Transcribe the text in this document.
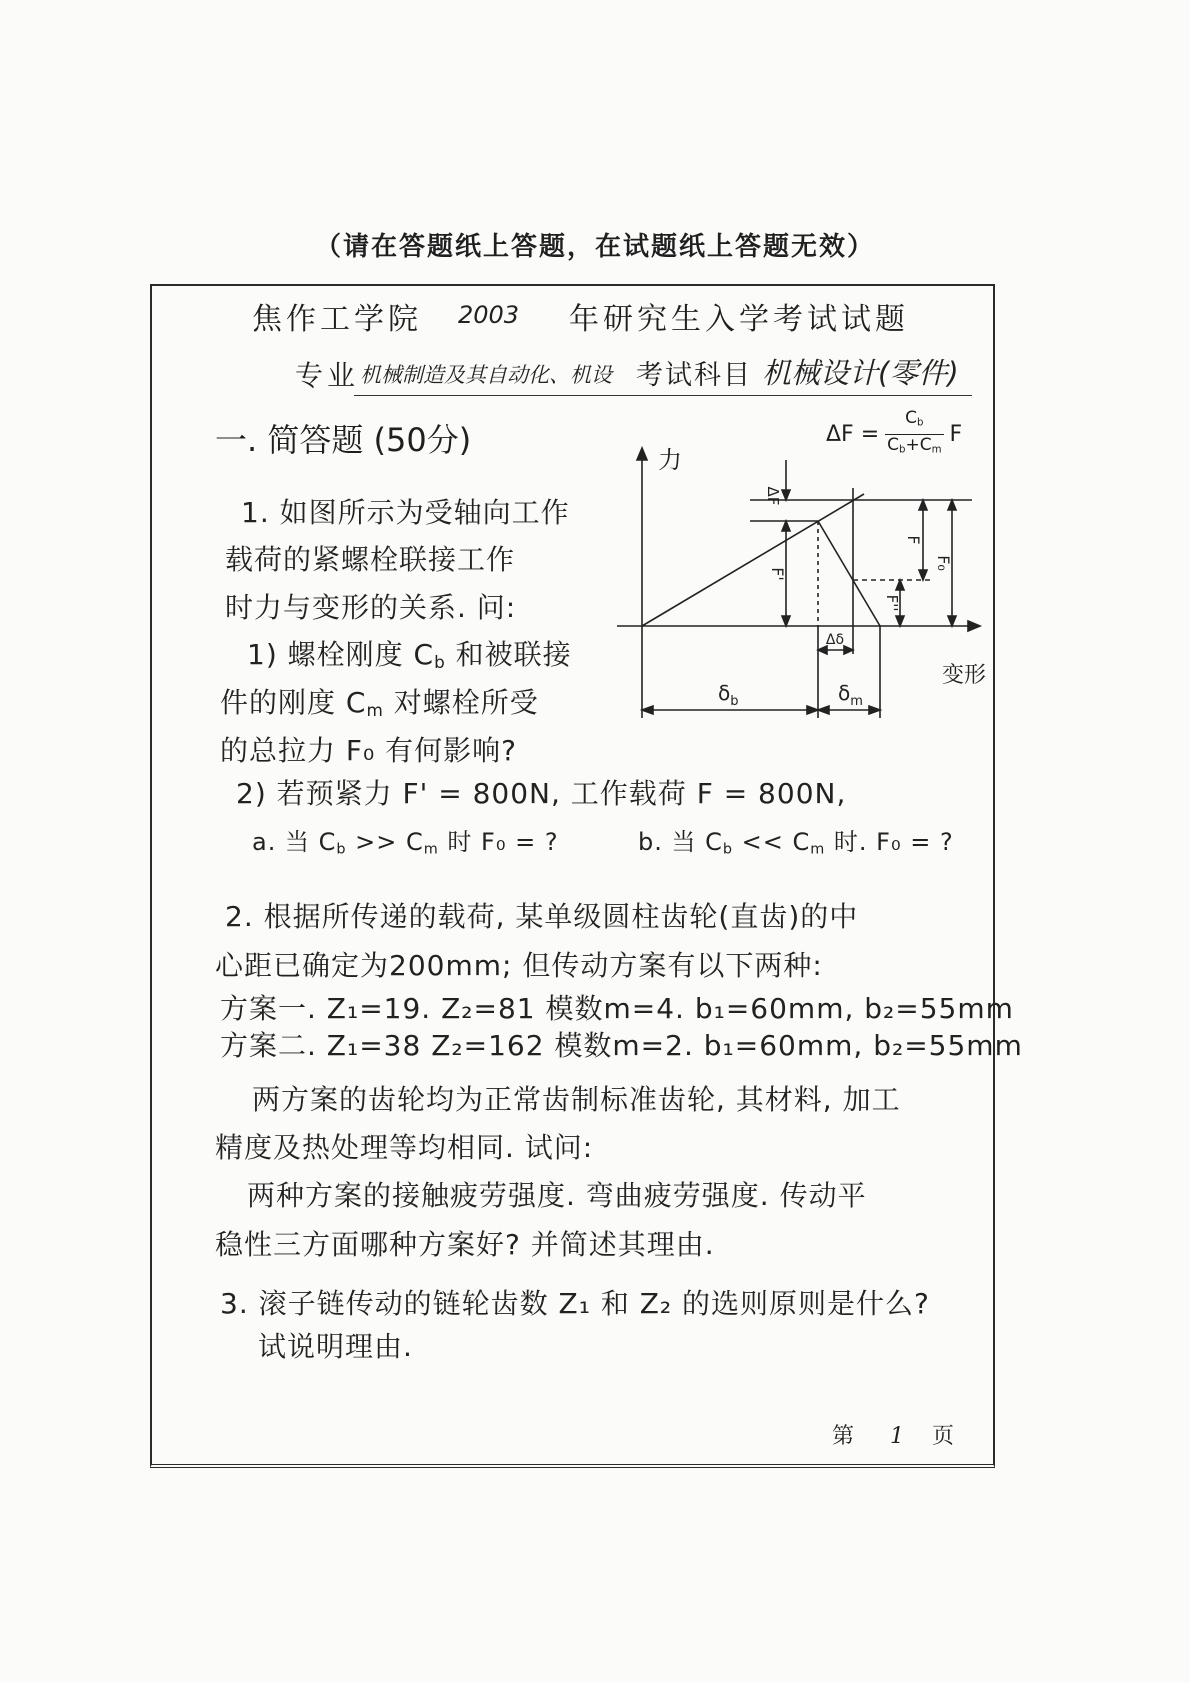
（请在答题纸上答题，在试题纸上答题无效）
焦作工学院 2003 年研究生入学考试试题
专业 机械制造及其自动化、机设 考试科目 机械设计(零件)
一. 简答题 (50分)	$\Delta F = \frac{C_b}{C_b+C_m}$ F
力
变形
ΔF
F'
F
F₀
F''
Δδ
$\delta_b$	$\delta_m$
1. 如图所示为受轴向工作
载荷的紧螺栓联接工作
时力与变形的关系. 问:
1) 螺栓刚度 $C_b$ 和被联接
件的刚度 $C_m$ 对螺栓所受
的总拉力 F₀ 有何影响?
2) 若预紧力 F' = 800N, 工作载荷 F = 800N,
a. 当 $C_b >> C_m$ 时 F₀ = ?	b. 当 $C_b << C_m$ 时. F₀ = ?
2. 根据所传递的载荷, 某单级圆柱齿轮(直齿)的中
心距已确定为200mm; 但传动方案有以下两种:
方案一. Z₁=19. Z₂=81 模数m=4. b₁=60mm, b₂=55mm
方案二. Z₁=38 Z₂=162 模数m=2. b₁=60mm, b₂=55mm
两方案的齿轮均为正常齿制标准齿轮, 其材料, 加工
精度及热处理等均相同. 试问:
两种方案的接触疲劳强度. 弯曲疲劳强度. 传动平
稳性三方面哪种方案好? 并简述其理由.
3. 滚子链传动的链轮齿数 Z₁ 和 Z₂ 的选则原则是什么?
试说明理由.
第 1 页
